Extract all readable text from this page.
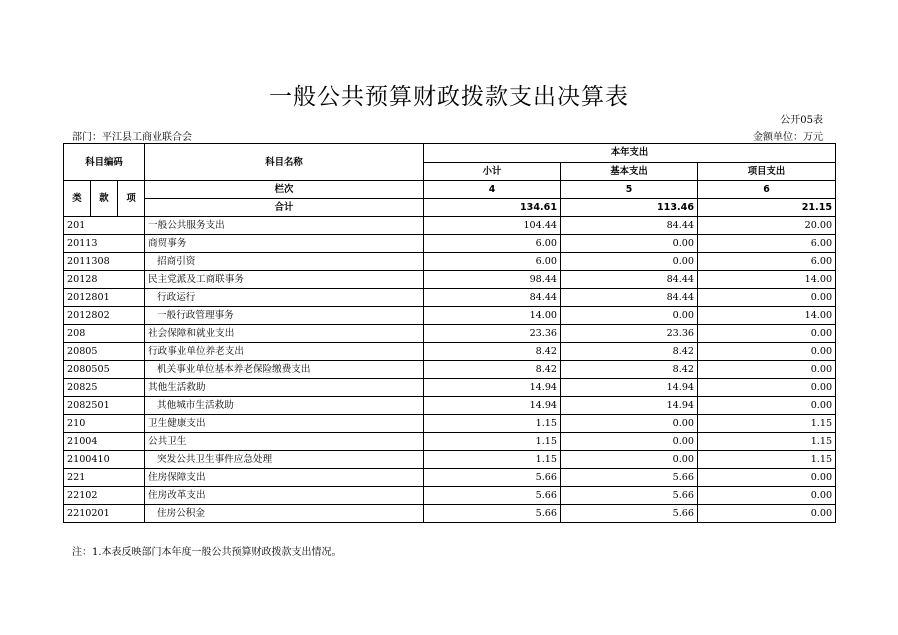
一般公共预算财政拨款支出决算表
公开05表
部门：平江县工商业联合会	金额单位：万元
科目编码			科目名称	本年支出		
				小计	基本支出	项目支出
类	款	项	栏次	4	5	6
			合计	134.61	113.46	21.15
201			一般公共服务支出	104.44	84.44	20.00
20113			商贸事务	6.00	0.00	6.00
2011308			招商引资	6.00	0.00	6.00
20128			民主党派及工商联事务	98.44	84.44	14.00
2012801			行政运行	84.44	84.44	0.00
2012802			一般行政管理事务	14.00	0.00	14.00
208			社会保障和就业支出	23.36	23.36	0.00
20805			行政事业单位养老支出	8.42	8.42	0.00
2080505			机关事业单位基本养老保险缴费支出	8.42	8.42	0.00
20825			其他生活救助	14.94	14.94	0.00
2082501			其他城市生活救助	14.94	14.94	0.00
210			卫生健康支出	1.15	0.00	1.15
21004			公共卫生	1.15	0.00	1.15
2100410			突发公共卫生事件应急处理	1.15	0.00	1.15
221			住房保障支出	5.66	5.66	0.00
22102			住房改革支出	5.66	5.66	0.00
2210201			住房公积金	5.66	5.66	0.00
注：1.本表反映部门本年度一般公共预算财政拨款支出情况。
